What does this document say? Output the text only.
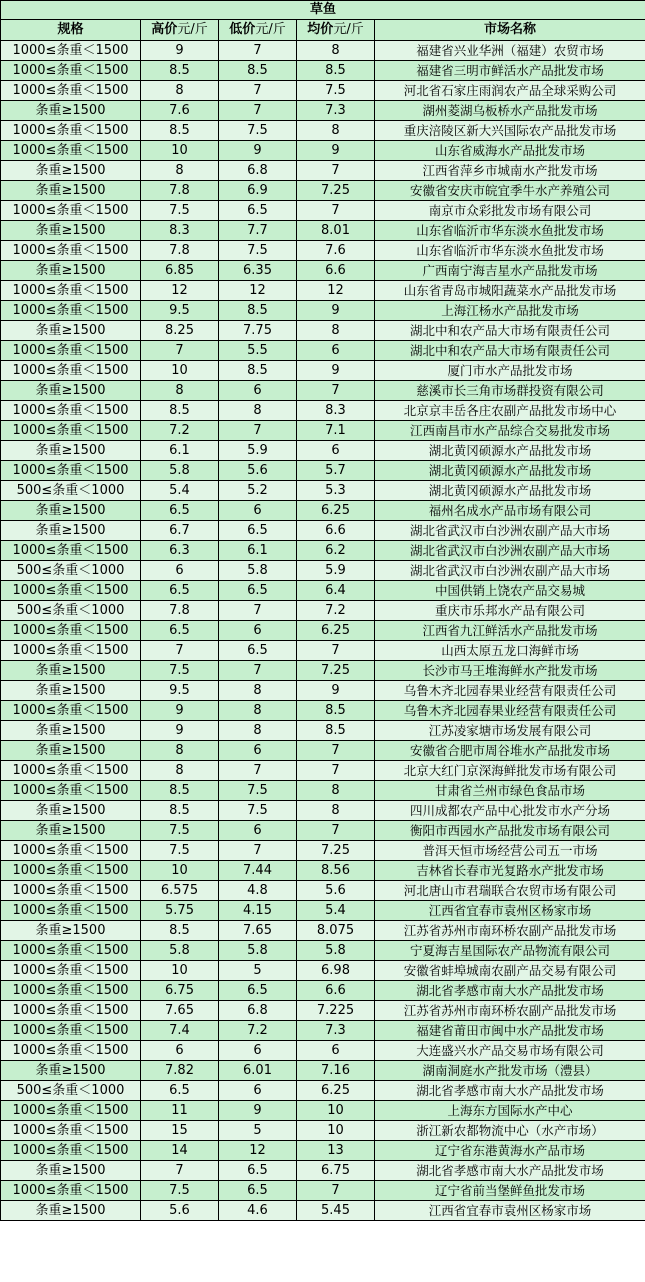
草鱼				
规格	高价元/斤	低价元/斤	均价元/斤	市场名称
1000≤条重＜1500	9	7	8	福建省兴业华洲（福建）农贸市场
1000≤条重＜1500	8.5	8.5	8.5	福建省三明市鲜活水产品批发市场
1000≤条重＜1500	8	7	7.5	河北省石家庄雨润农产品全球采购公司
条重≥1500	7.6	7	7.3	湖州菱湖乌板桥水产品批发市场
1000≤条重＜1500	8.5	7.5	8	重庆涪陵区新大兴国际农产品批发市场
1000≤条重＜1500	10	9	9	山东省威海水产品批发市场
条重≥1500	8	6.8	7	江西省萍乡市城南水产批发市场
条重≥1500	7.8	6.9	7.25	安徽省安庆市皖宜季牛水产养殖公司
1000≤条重＜1500	7.5	6.5	7	南京市众彩批发市场有限公司
条重≥1500	8.3	7.7	8.01	山东省临沂市华东淡水鱼批发市场
1000≤条重＜1500	7.8	7.5	7.6	山东省临沂市华东淡水鱼批发市场
条重≥1500	6.85	6.35	6.6	广西南宁海吉星水产品批发市场
1000≤条重＜1500	12	12	12	山东省青岛市城阳蔬菜水产品批发市场
1000≤条重＜1500	9.5	8.5	9	上海江杨水产品批发市场
条重≥1500	8.25	7.75	8	湖北中和农产品大市场有限责任公司
1000≤条重＜1500	7	5.5	6	湖北中和农产品大市场有限责任公司
1000≤条重＜1500	10	8.5	9	厦门市水产品批发市场
条重≥1500	8	6	7	慈溪市长三角市场群投资有限公司
1000≤条重＜1500	8.5	8	8.3	北京京丰岳各庄农副产品批发市场中心
1000≤条重＜1500	7.2	7	7.1	江西南昌市水产品综合交易批发市场
条重≥1500	6.1	5.9	6	湖北黄冈硕源水产品批发市场
1000≤条重＜1500	5.8	5.6	5.7	湖北黄冈硕源水产品批发市场
500≤条重＜1000	5.4	5.2	5.3	湖北黄冈硕源水产品批发市场
条重≥1500	6.5	6	6.25	福州名成水产品市场有限公司
条重≥1500	6.7	6.5	6.6	湖北省武汉市白沙洲农副产品大市场
1000≤条重＜1500	6.3	6.1	6.2	湖北省武汉市白沙洲农副产品大市场
500≤条重＜1000	6	5.8	5.9	湖北省武汉市白沙洲农副产品大市场
1000≤条重＜1500	6.5	6.5	6.4	中国供销上饶农产品交易城
500≤条重＜1000	7.8	7	7.2	重庆市乐邦水产品有限公司
1000≤条重＜1500	6.5	6	6.25	江西省九江鲜活水产品批发市场
1000≤条重＜1500	7	6.5	7	山西太原五龙口海鲜市场
条重≥1500	7.5	7	7.25	长沙市马王堆海鲜水产批发市场
条重≥1500	9.5	8	9	乌鲁木齐北园春果业经营有限责任公司
1000≤条重＜1500	9	8	8.5	乌鲁木齐北园春果业经营有限责任公司
条重≥1500	9	8	8.5	江苏凌家塘市场发展有限公司
条重≥1500	8	6	7	安徽省合肥市周谷堆水产品批发市场
1000≤条重＜1500	8	7	7	北京大红门京深海鲜批发市场有限公司
1000≤条重＜1500	8.5	7.5	8	甘肃省兰州市绿色食品市场
条重≥1500	8.5	7.5	8	四川成都农产品中心批发市水产分场
条重≥1500	7.5	6	7	衡阳市西园水产品批发市场有限公司
1000≤条重＜1500	7.5	7	7.25	普洱天恒市场经营公司五一市场
1000≤条重＜1500	10	7.44	8.56	吉林省长春市光复路水产批发市场
1000≤条重＜1500	6.575	4.8	5.6	河北唐山市君瑞联合农贸市场有限公司
1000≤条重＜1500	5.75	4.15	5.4	江西省宜春市袁州区杨家市场
条重≥1500	8.5	7.65	8.075	江苏省苏州市南环桥农副产品批发市场
1000≤条重＜1500	5.8	5.8	5.8	宁夏海吉星国际农产品物流有限公司
1000≤条重＜1500	10	5	6.98	安徽省蚌埠城南农副产品交易有限公司
1000≤条重＜1500	6.75	6.5	6.6	湖北省孝感市南大水产品批发市场
1000≤条重＜1500	7.65	6.8	7.225	江苏省苏州市南环桥农副产品批发市场
1000≤条重＜1500	7.4	7.2	7.3	福建省莆田市闽中水产品批发市场
1000≤条重＜1500	6	6	6	大连盛兴水产品交易市场有限公司
条重≥1500	7.82	6.01	7.16	湖南洞庭水产批发市场（澧县）
500≤条重＜1000	6.5	6	6.25	湖北省孝感市南大水产品批发市场
1000≤条重＜1500	11	9	10	上海东方国际水产中心
1000≤条重＜1500	15	5	10	浙江新农都物流中心（水产市场）
1000≤条重＜1500	14	12	13	辽宁省东港黄海水产品市场
条重≥1500	7	6.5	6.75	湖北省孝感市南大水产品批发市场
1000≤条重＜1500	7.5	6.5	7	辽宁省前当堡鲜鱼批发市场
条重≥1500	5.6	4.6	5.45	江西省宜春市袁州区杨家市场
